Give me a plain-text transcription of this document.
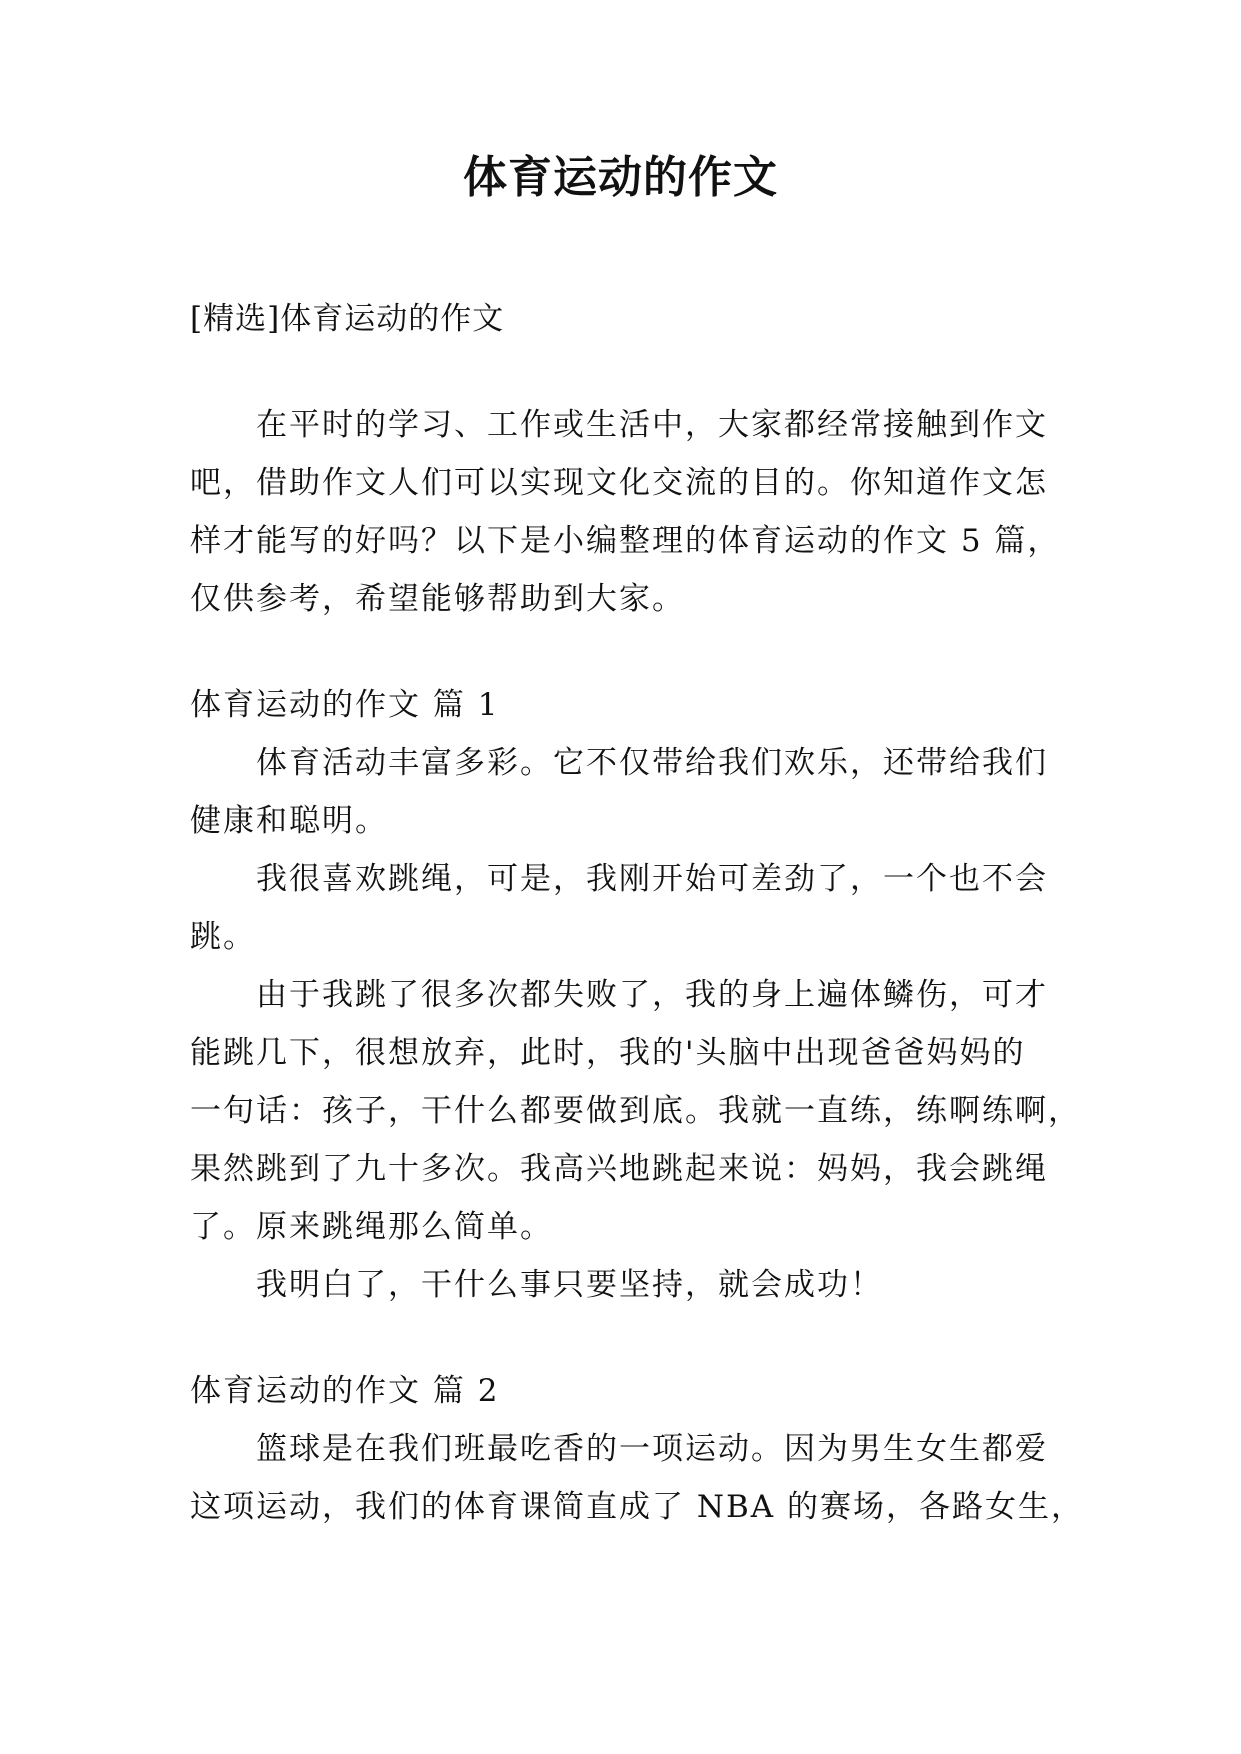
体育运动的作文
[精选]体育运动的作文
在平时的学习、工作或生活中，大家都经常接触到作文
吧，借助作文人们可以实现文化交流的目的。你知道作文怎
样才能写的好吗？以下是小编整理的体育运动的作文 5 篇，
仅供参考，希望能够帮助到大家。
体育运动的作文 篇 1
体育活动丰富多彩。它不仅带给我们欢乐，还带给我们
健康和聪明。
我很喜欢跳绳，可是，我刚开始可差劲了，一个也不会
跳。
由于我跳了很多次都失败了，我的身上遍体鳞伤，可才
能跳几下，很想放弃，此时，我的'头脑中出现爸爸妈妈的
一句话：孩子，干什么都要做到底。我就一直练，练啊练啊，
果然跳到了九十多次。我高兴地跳起来说：妈妈，我会跳绳
了。原来跳绳那么简单。
我明白了，干什么事只要坚持，就会成功！
体育运动的作文 篇 2
篮球是在我们班最吃香的一项运动。因为男生女生都爱
这项运动，我们的体育课简直成了 NBA 的赛场，各路女生，
